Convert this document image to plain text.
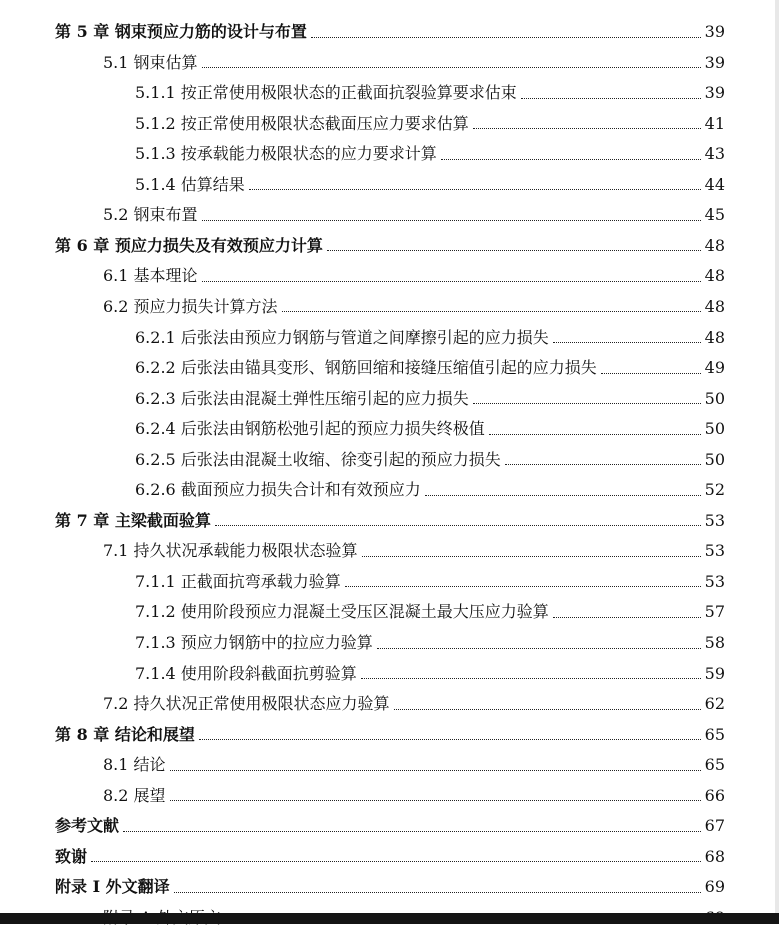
第 5 章 钢束预应力筋的设计与布置	39
5.1 钢束估算	39
5.1.1 按正常使用极限状态的正截面抗裂验算要求估束	39
5.1.2 按正常使用极限状态截面压应力要求估算	41
5.1.3 按承载能力极限状态的应力要求计算	43
5.1.4 估算结果	44
5.2 钢束布置	45
第 6 章 预应力损失及有效预应力计算	48
6.1 基本理论	48
6.2 预应力损失计算方法	48
6.2.1 后张法由预应力钢筋与管道之间摩擦引起的应力损失	48
6.2.2 后张法由锚具变形、钢筋回缩和接缝压缩值引起的应力损失	49
6.2.3 后张法由混凝土弹性压缩引起的应力损失	50
6.2.4 后张法由钢筋松弛引起的预应力损失终极值	50
6.2.5 后张法由混凝土收缩、徐变引起的预应力损失	50
6.2.6 截面预应力损失合计和有效预应力	52
第 7 章 主梁截面验算	53
7.1 持久状况承载能力极限状态验算	53
7.1.1 正截面抗弯承载力验算	53
7.1.2 使用阶段预应力混凝土受压区混凝土最大压应力验算	57
7.1.3 预应力钢筋中的拉应力验算	58
7.1.4 使用阶段斜截面抗剪验算	59
7.2 持久状况正常使用极限状态应力验算	62
第 8 章 结论和展望	65
8.1 结论	65
8.2 展望	66
参考文献	67
致谢	68
附录 I 外文翻译	69
